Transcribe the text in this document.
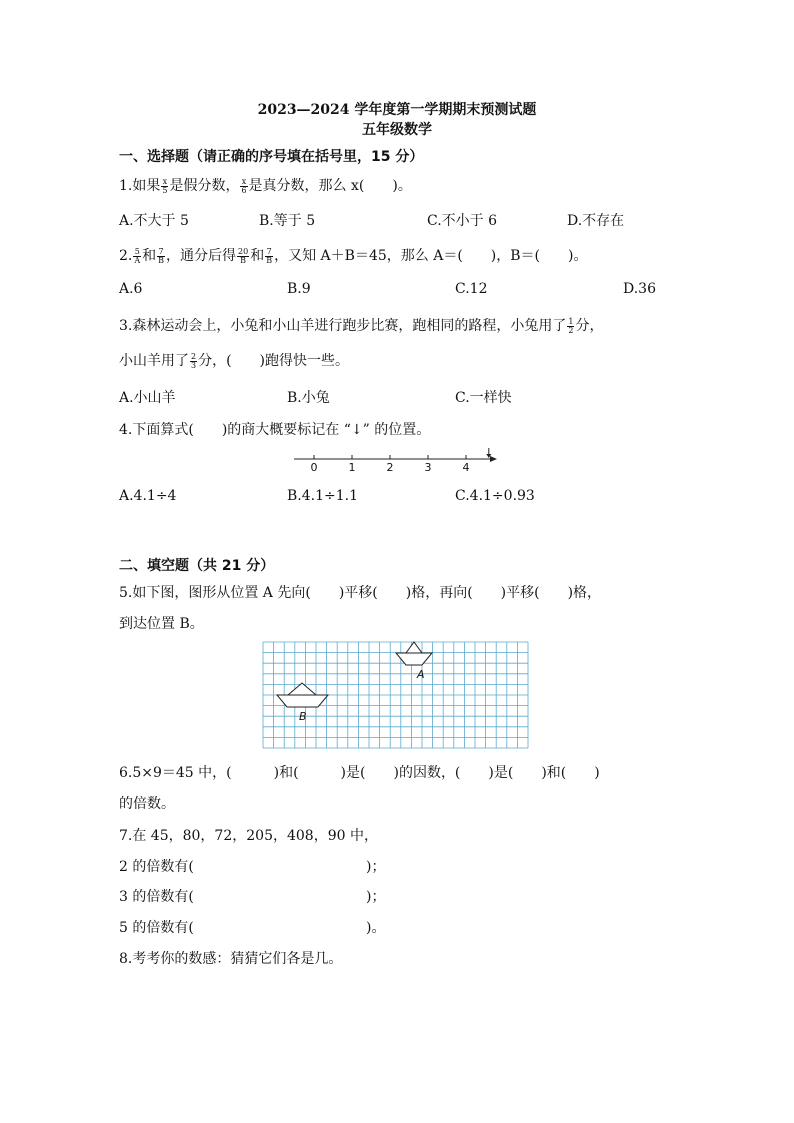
2023—2024 学年度第一学期期末预测试题
五年级数学
一、选择题（请正确的序号填在括号里，15 分）
1.如果 $\frac{x}{5}$ 是假分数， $\frac{x}{6}$ 是真分数，那么 x(　　)。
A.不大于 5	B.等于 5	C.不小于 6	D.不存在
2. $\frac{5}{A}$ 和 $\frac{7}{B}$ ，通分后得 $\frac{20}{B}$ 和 $\frac{7}{B}$ ，又知 A＋B＝45，那么 A＝(　　)，B＝(　　)。
A.6	B.9	C.12	D.36
3.森林运动会上，小兔和小山羊进行跑步比赛，跑相同的路程，小兔用了 $\frac{1}{2}$ 分，
小山羊用了 $\frac{2}{3}$ 分，(　　)跑得快一些。
A.小山羊	B.小兔	C.一样快
4.下面算式(　　)的商大概要标记在 “↓” 的位置。
0	1	2	3	4
A.4.1÷4	B.4.1÷1.1	C.4.1÷0.93
二、填空题（共 21 分）
5.如下图，图形从位置 A 先向(　　)平移(　　)格，再向(　　)平移(　　)格，
到达位置 B。
A
B
6.5×9＝45 中，(　　　)和(　　　)是(　　)的因数，(　　)是(　　)和(　　)
的倍数。
7.在 45，80，72，205，408，90 中，
2 的倍数有(	)；
3 的倍数有(	)；
5 的倍数有(	)。
8.考考你的数感：猜猜它们各是几。
